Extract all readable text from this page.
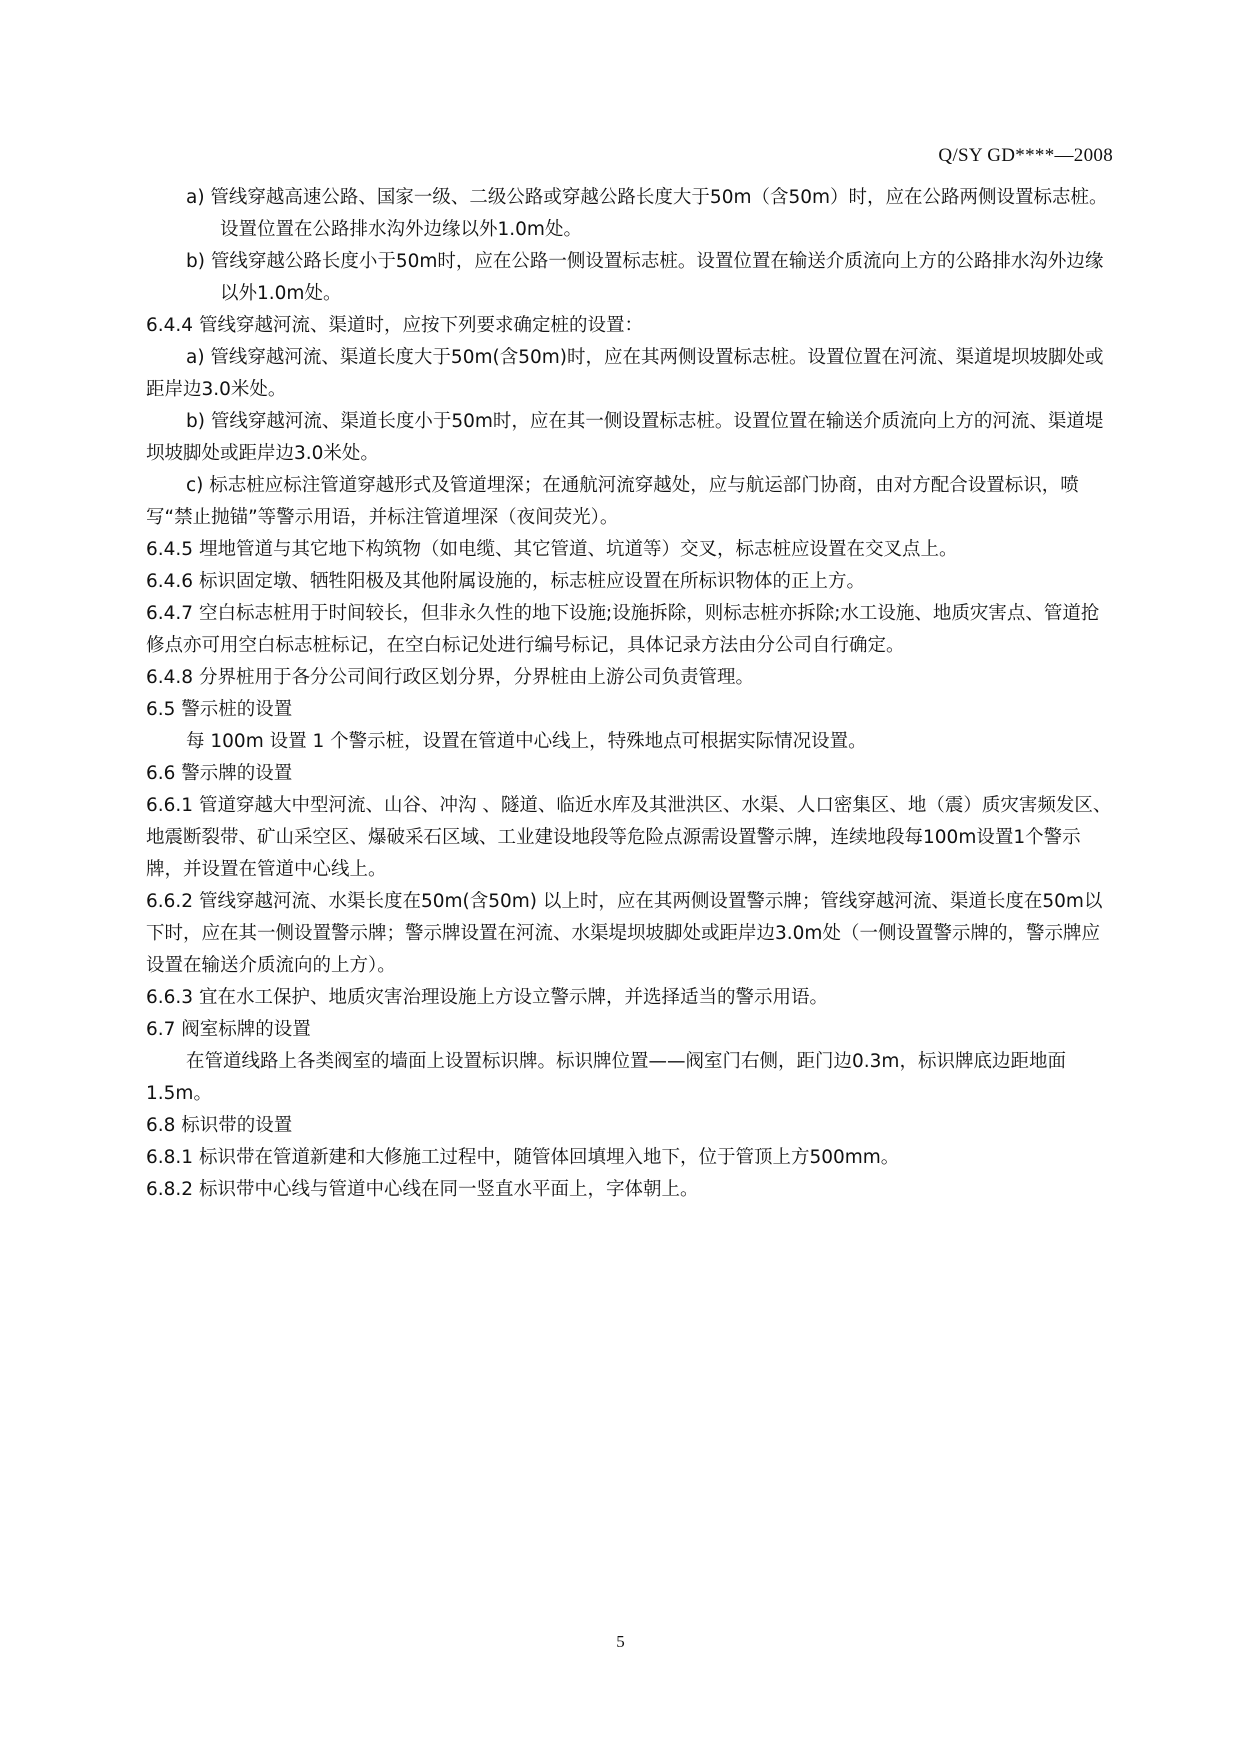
Q/SY GD****—2008

a) 管线穿越高速公路、国家一级、二级公路或穿越公路长度大于50m（含50m）时，应在公路两侧设置标志桩。设置位置在公路排水沟外边缘以外1.0m处。

b) 管线穿越公路长度小于50m时，应在公路一侧设置标志桩。设置位置在输送介质流向上方的公路排水沟外边缘以外1.0m处。

6.4.4 管线穿越河流、渠道时，应按下列要求确定桩的设置：

a) 管线穿越河流、渠道长度大于50m(含50m)时，应在其两侧设置标志桩。设置位置在河流、渠道堤坝坡脚处或距岸边3.0米处。

b) 管线穿越河流、渠道长度小于50m时，应在其一侧设置标志桩。设置位置在输送介质流向上方的河流、渠道堤坝坡脚处或距岸边3.0米处。

c) 标志桩应标注管道穿越形式及管道埋深；在通航河流穿越处，应与航运部门协商，由对方配合设置标识，喷写“禁止抛锚”等警示用语，并标注管道埋深（夜间荧光）。

6.4.5 埋地管道与其它地下构筑物（如电缆、其它管道、坑道等）交叉，标志桩应设置在交叉点上。

6.4.6 标识固定墩、牺牲阳极及其他附属设施的，标志桩应设置在所标识物体的正上方。

6.4.7 空白标志桩用于时间较长，但非永久性的地下设施;设施拆除，则标志桩亦拆除;水工设施、地质灾害点、管道抢修点亦可用空白标志桩标记，在空白标记处进行编号标记，具体记录方法由分公司自行确定。

6.4.8 分界桩用于各分公司间行政区划分界，分界桩由上游公司负责管理。

6.5 警示桩的设置

每 100m 设置 1 个警示桩，设置在管道中心线上，特殊地点可根据实际情况设置。

6.6 警示牌的设置

6.6.1 管道穿越大中型河流、山谷、冲沟 、隧道、临近水库及其泄洪区、水渠、人口密集区、地（震）质灾害频发区、地震断裂带、矿山采空区、爆破采石区域、工业建设地段等危险点源需设置警示牌，连续地段每100m设置1个警示牌，并设置在管道中心线上。

6.6.2 管线穿越河流、水渠长度在50m(含50m) 以上时，应在其两侧设置警示牌；管线穿越河流、渠道长度在50m以下时，应在其一侧设置警示牌；警示牌设置在河流、水渠堤坝坡脚处或距岸边3.0m处（一侧设置警示牌的，警示牌应设置在输送介质流向的上方）。

6.6.3 宜在水工保护、地质灾害治理设施上方设立警示牌，并选择适当的警示用语。

6.7 阀室标牌的设置

在管道线路上各类阀室的墙面上设置标识牌。标识牌位置——阀室门右侧，距门边0.3m，标识牌底边距地面1.5m。

6.8 标识带的设置

6.8.1 标识带在管道新建和大修施工过程中，随管体回填埋入地下，位于管顶上方500mm。

6.8.2 标识带中心线与管道中心线在同一竖直水平面上，字体朝上。

5
